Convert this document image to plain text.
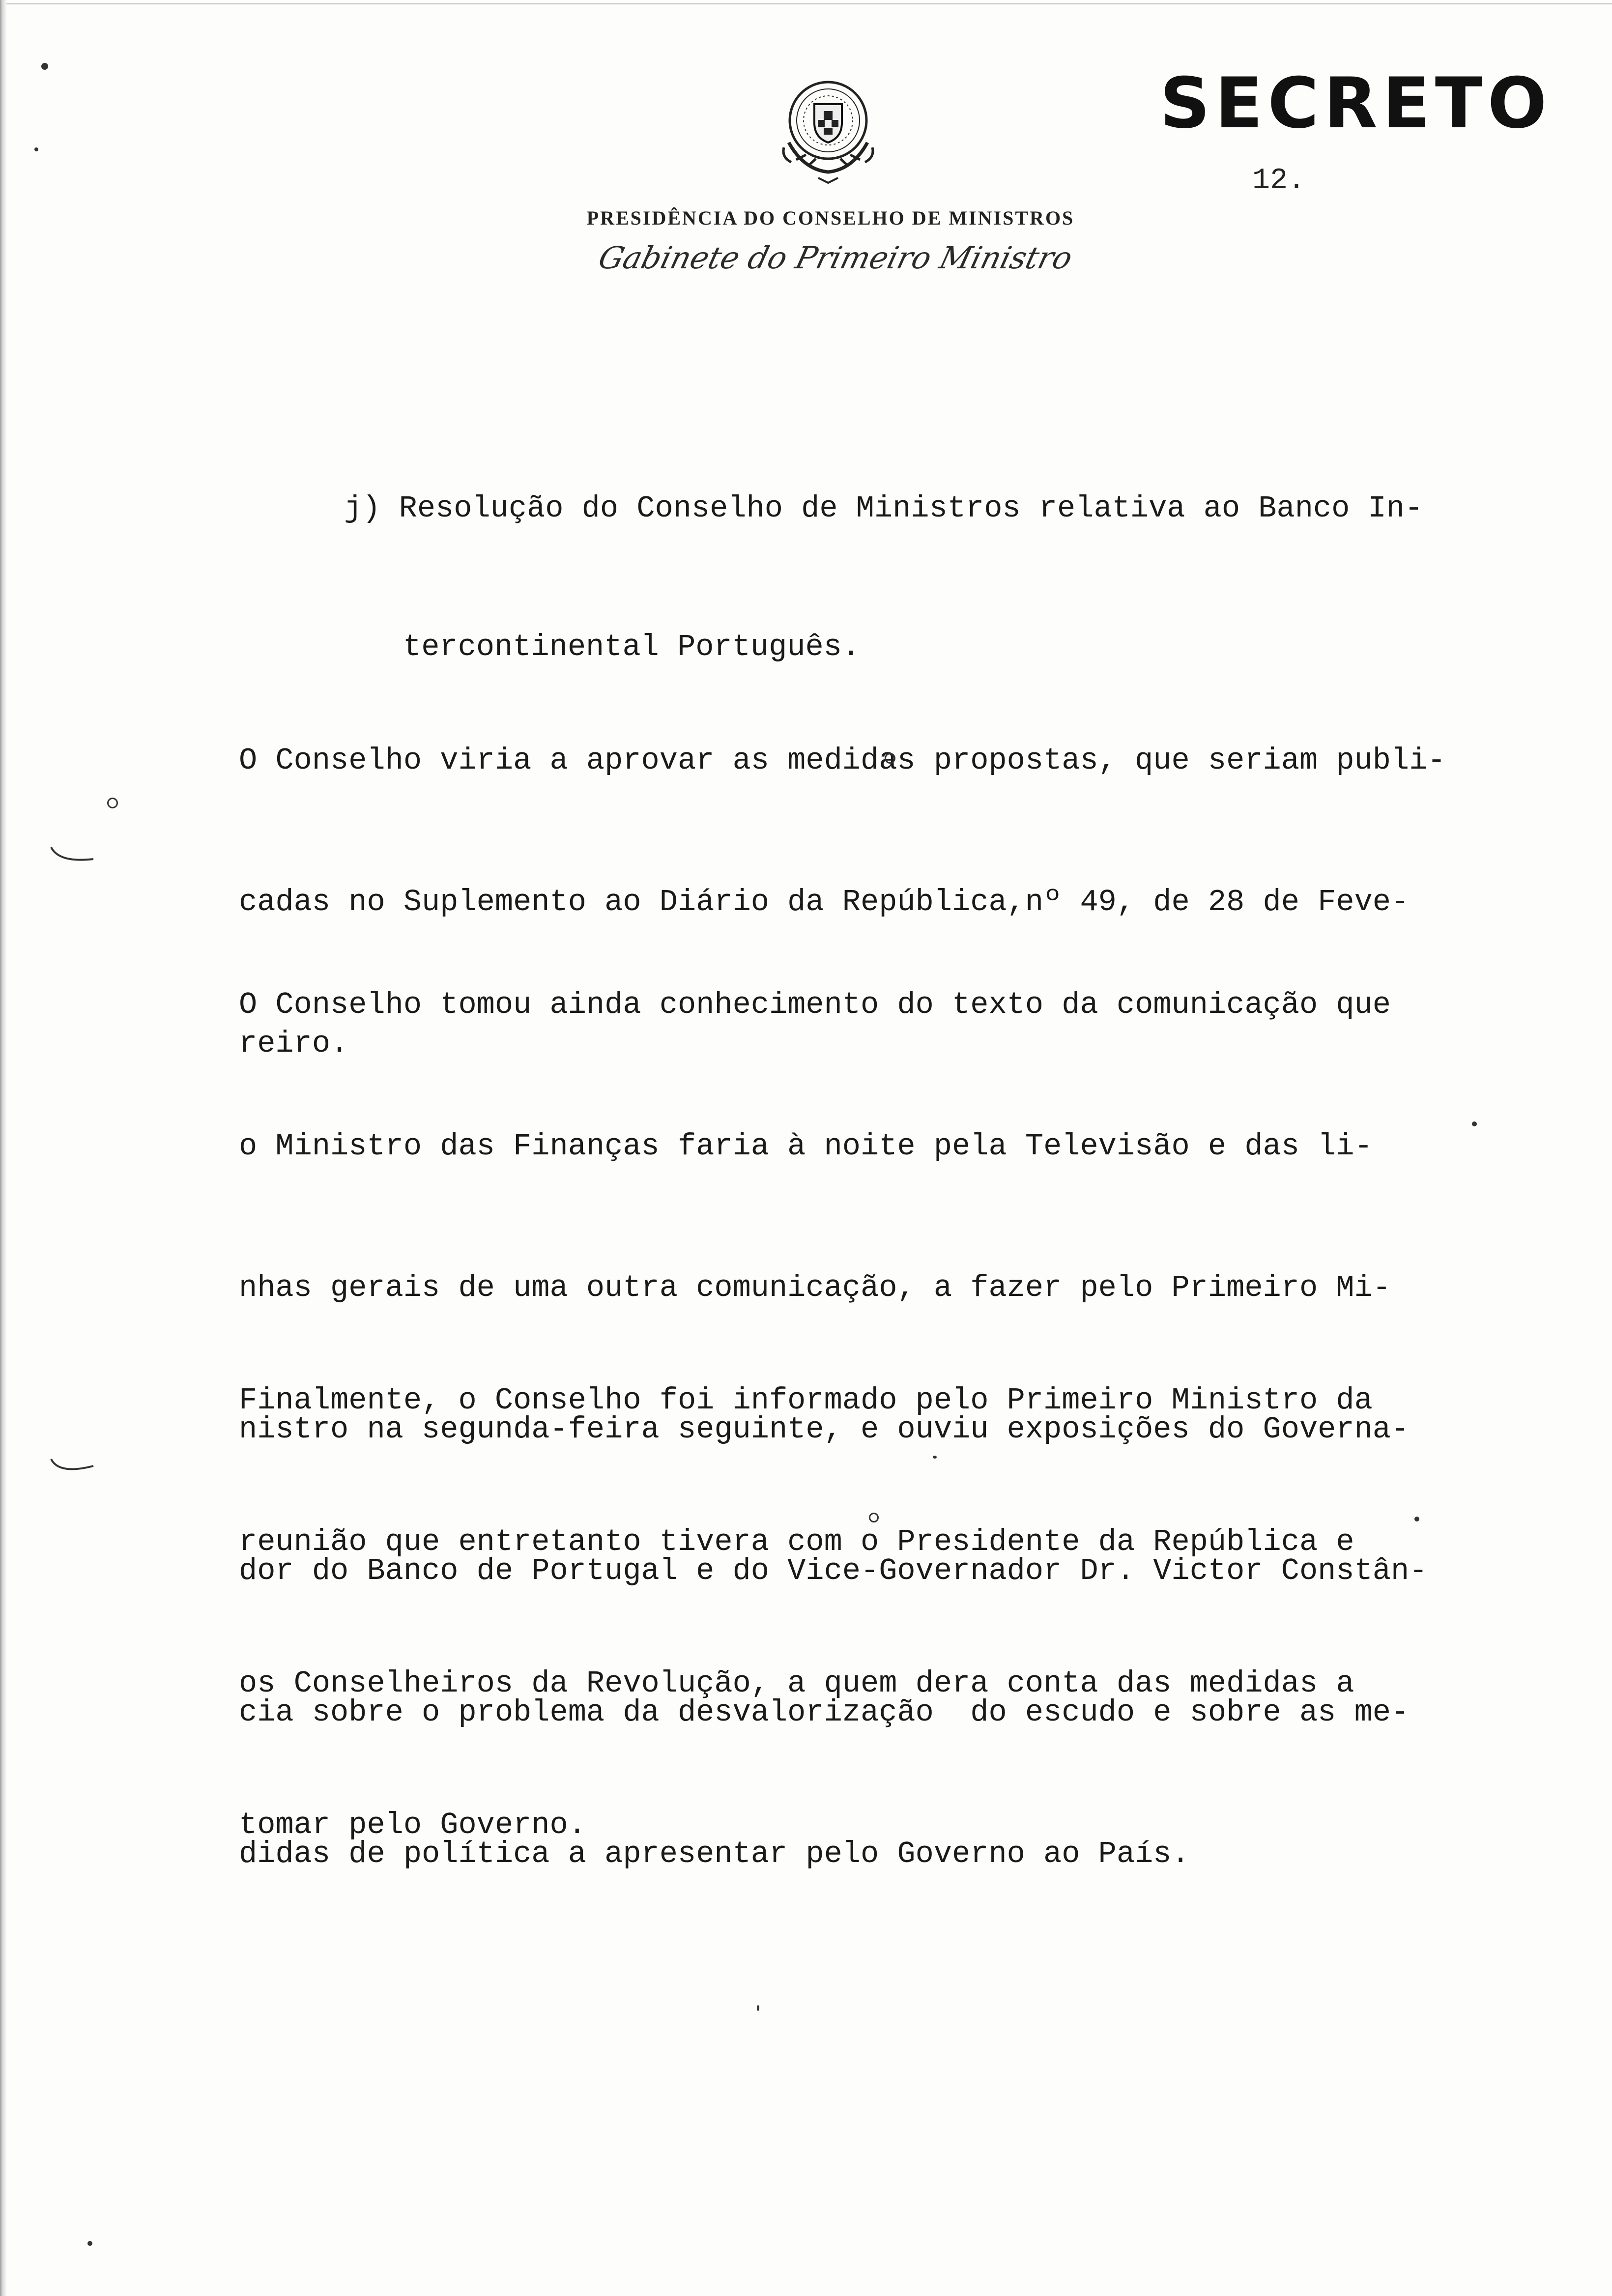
SECRETO
12.
PRESIDÊNCIA DO CONSELHO DE MINISTROS
Gabinete do Primeiro Ministro

j) Resolução do Conselho de Ministros relativa ao Banco In-

tercontinental Português.

O Conselho viria a aprovar as medidas propostas, que seriam publi-

cadas no Suplemento ao Diário da República,nº 49, de 28 de Feve-

reiro.

O Conselho tomou ainda conhecimento do texto da comunicação que

o Ministro das Finanças faria à noite pela Televisão e das li-

nhas gerais de uma outra comunicação, a fazer pelo Primeiro Mi-

nistro na segunda-feira seguinte, e ouviu exposições do Governa-

dor do Banco de Portugal e do Vice-Governador Dr. Victor Constân-

cia sobre o problema da desvalorização  do escudo e sobre as me-

didas de política a apresentar pelo Governo ao País.

Finalmente, o Conselho foi informado pelo Primeiro Ministro da

reunião que entretanto tivera com o Presidente da República e

os Conselheiros da Revolução, a quem dera conta das medidas a

tomar pelo Governo.
